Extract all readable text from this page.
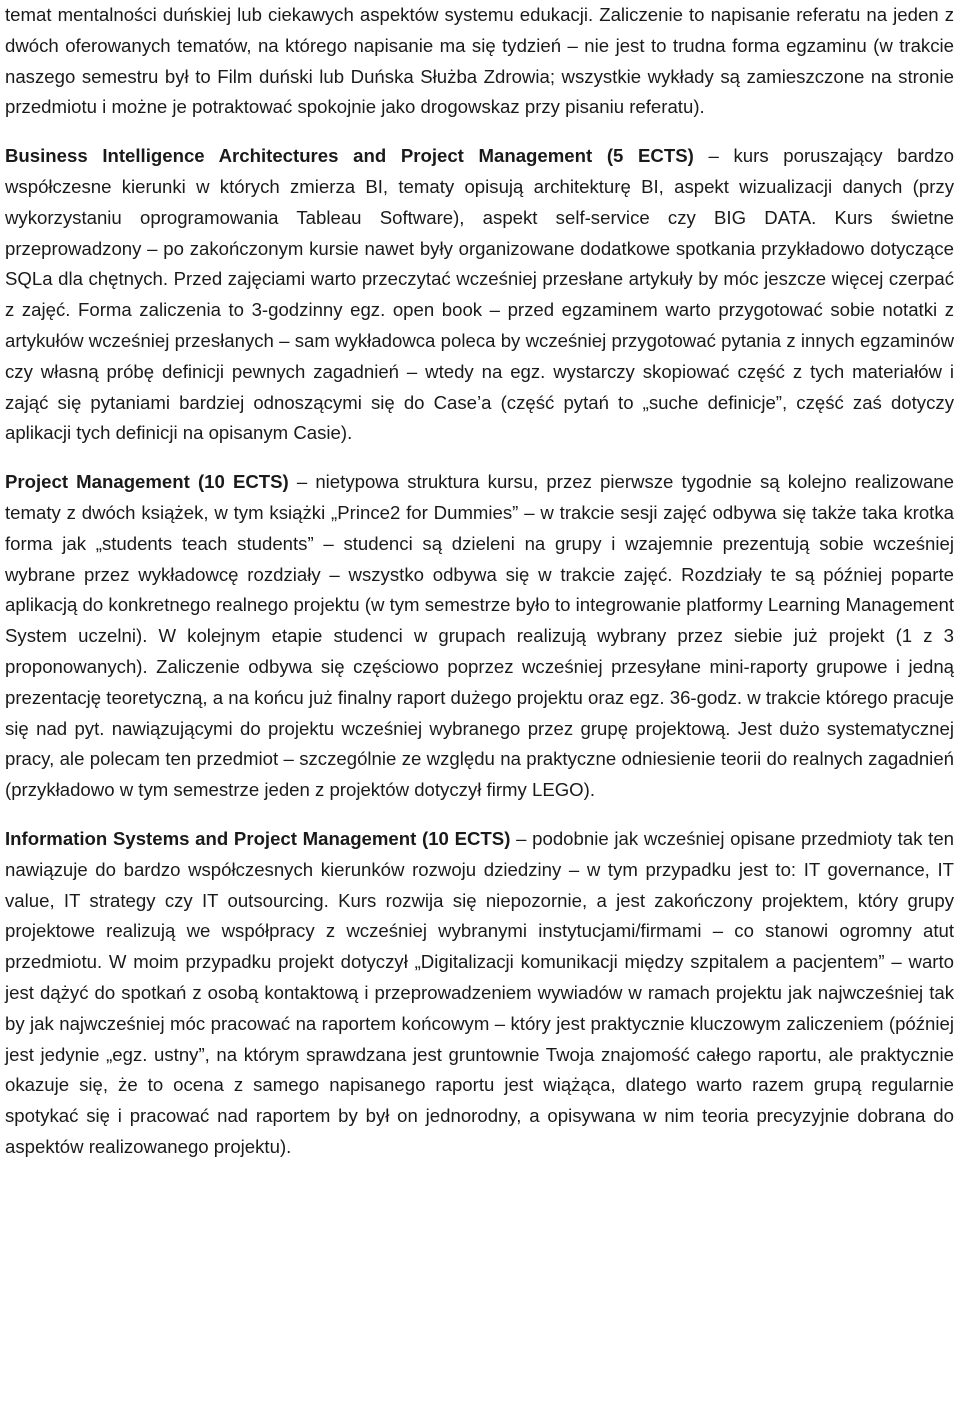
temat mentalności duńskiej lub ciekawych aspektów systemu edukacji. Zaliczenie to napisanie referatu na jeden z dwóch oferowanych tematów, na którego napisanie ma się tydzień – nie jest to trudna forma egzaminu (w trakcie naszego semestru był to Film duński lub Duńska Służba Zdrowia; wszystkie wykłady są zamieszczone na stronie przedmiotu i możne je potraktować spokojnie jako drogowskaz przy pisaniu referatu).

Business Intelligence Architectures and Project Management (5 ECTS) – kurs poruszający bardzo współczesne kierunki w których zmierza BI, tematy opisują architekturę BI, aspekt wizualizacji danych (przy wykorzystaniu oprogramowania Tableau Software), aspekt self-service czy BIG DATA. Kurs świetne przeprowadzony – po zakończonym kursie nawet były organizowane dodatkowe spotkania przykładowo dotyczące SQLa dla chętnych. Przed zajęciami warto przeczytać wcześniej przesłane artykuły by móc jeszcze więcej czerpać z zajęć. Forma zaliczenia to 3-godzinny egz. open book – przed egzaminem warto przygotować sobie notatki z artykułów wcześniej przesłanych – sam wykładowca poleca by wcześniej przygotować pytania z innych egzaminów czy własną próbę definicji pewnych zagadnień – wtedy na egz. wystarczy skopiować część z tych materiałów i zająć się pytaniami bardziej odnoszącymi się do Case’a (część pytań to „suche definicje”, część zaś dotyczy aplikacji tych definicji na opisanym Casie).

Project Management (10 ECTS) – nietypowa struktura kursu, przez pierwsze tygodnie są kolejno realizowane tematy z dwóch książek, w tym książki „Prince2 for Dummies” – w trakcie sesji zajęć odbywa się także taka krotka forma jak „students teach students” – studenci są dzieleni na grupy i wzajemnie prezentują sobie wcześniej wybrane przez wykładowcę rozdziały – wszystko odbywa się w trakcie zajęć. Rozdziały te są później poparte aplikacją do konkretnego realnego projektu (w tym semestrze było to integrowanie platformy Learning Management System uczelni). W kolejnym etapie studenci w grupach realizują wybrany przez siebie już projekt (1 z 3 proponowanych). Zaliczenie odbywa się częściowo poprzez wcześniej przesyłane mini-raporty grupowe i jedną prezentację teoretyczną, a na końcu już finalny raport dużego projektu oraz egz. 36-godz. w trakcie którego pracuje się nad pyt. nawiązującymi do projektu wcześniej wybranego przez grupę projektową. Jest dużo systematycznej pracy, ale polecam ten przedmiot – szczególnie ze względu na praktyczne odniesienie teorii do realnych zagadnień (przykładowo w tym semestrze jeden z projektów dotyczył firmy LEGO).

Information Systems and Project Management (10 ECTS) – podobnie jak wcześniej opisane przedmioty tak ten nawiązuje do bardzo współczesnych kierunków rozwoju dziedziny – w tym przypadku jest to: IT governance, IT value, IT strategy czy IT outsourcing. Kurs rozwija się niepozornie, a jest zakończony projektem, który grupy projektowe realizują we współpracy z wcześniej wybranymi instytucjami/firmami – co stanowi ogromny atut przedmiotu. W moim przypadku projekt dotyczył „Digitalizacji komunikacji między szpitalem a pacjentem” – warto jest dążyć do spotkań z osobą kontaktową i przeprowadzeniem wywiadów w ramach projektu jak najwcześniej tak by jak najwcześniej móc pracować na raportem końcowym – który jest praktycznie kluczowym zaliczeniem (później jest jedynie „egz. ustny”, na którym sprawdzana jest gruntownie Twoja znajomość całego raportu, ale praktycznie okazuje się, że to ocena z samego napisanego raportu jest wiążąca, dlatego warto razem grupą regularnie spotykać się i pracować nad raportem by był on jednorodny, a opisywana w nim teoria precyzyjnie dobrana do aspektów realizowanego projektu).
